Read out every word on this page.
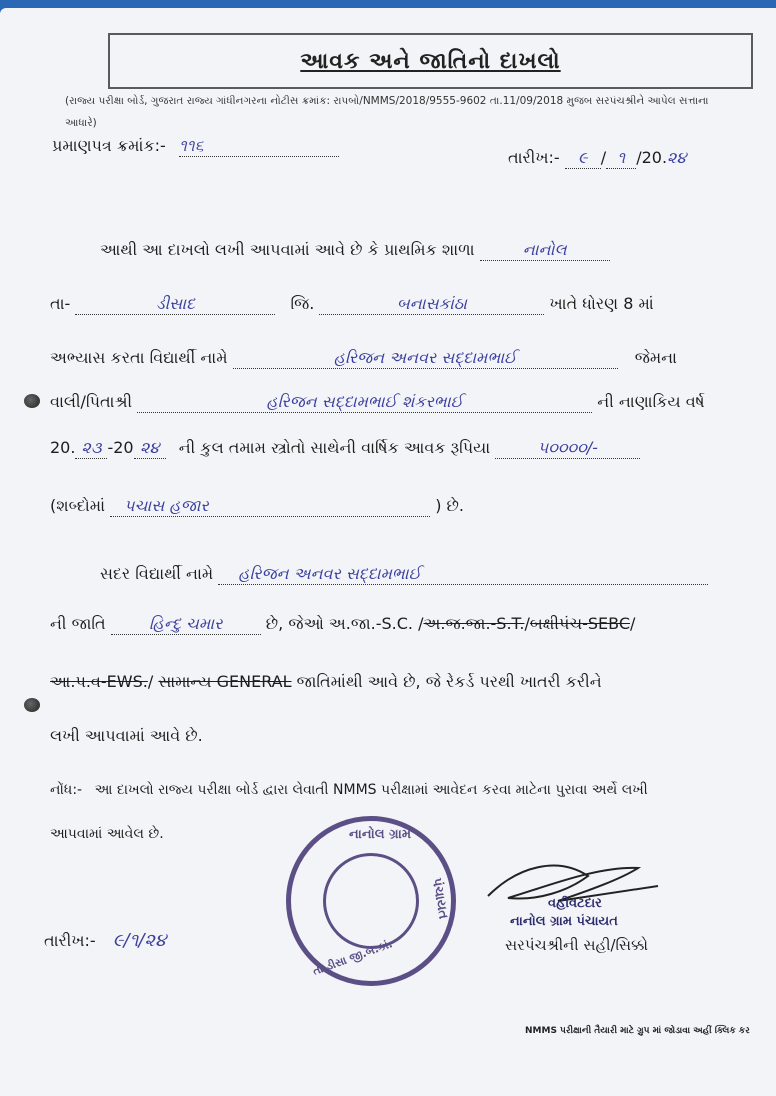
આવક અને જાતિનો દાખલો
(રાજ્ય પરીક્ષા બોર્ડ, ગુજરાત રાજ્ય ગાંધીનગરના નોટીસ ક્રમાંક: રાપબો/NMMS/2018/9555-9602 તા.11/09/2018 મુજબ સરપંચશ્રીને આપેલ સત્તાના આધારે)
પ્રમાણપત્ર ક્રમાંક:- ૧૧૬
તારીખ:- ૯ / ૧ /20.૨૪
આથી આ દાખલો લખી આપવામાં આવે છે કે પ્રાથમિક શાળા	નાનોલ
તા-	ડીસાદ	જિ.	બનાસકાંઠા	ખાતે ધોરણ 8 માં
અભ્યાસ કરતા વિદ્યાર્થી નામે	હરિજન અનવર સદ્દામભાઈ	જેમના
વાલી/પિતાશ્રી	હરિજન સદ્દામભાઈ શંકરભાઈ	ની નાણાકિય વર્ષ
20. ૨૩ -20 ૨૪ ની કુલ તમામ સ્ત્રોતો સાથેની વાર્ષિક આવક રૂપિયા	૫૦૦૦૦/-
(શબ્દોમાં પચાસ હજાર	) છે.
સદર વિદ્યાર્થી નામે હરિજન અનવર સદ્દામભાઈ
ની જાતિ	હિન્દુ ચમાર	છે, જેઓ અ.જા.-S.C. /અ.જ.જા.-S.T./બક્ષીપંચ-SEBC/
આ.પ.વ-EWS./ સામાન્ય GENERAL જાતિમાંથી આવે છે, જે રેકર્ડ પરથી ખાતરી કરીને
લખી આપવામાં આવે છે.
નોંધ:- આ દાખલો રાજ્ય પરીક્ષા બોર્ડ દ્વારા લેવાતી NMMS પરીક્ષામાં આવેદન કરવા માટેના પુરાવા અર્થે લખી
આપવામાં આવેલ છે.
તારીખ:- ૯/૧/૨૪
નાનોલ ગ્રામ
પંચાયત
તા.ડીસા જી.બ.કાં.
વહીવટદાર
નાનોલ ગ્રામ પંચાયત
સરપંચશ્રીની સહી/સિક્કો
NMMS પરીક્ષાની તૈયારી માટે ગ્રુપ માં જોડાવા અહીં ક્લિક કર
